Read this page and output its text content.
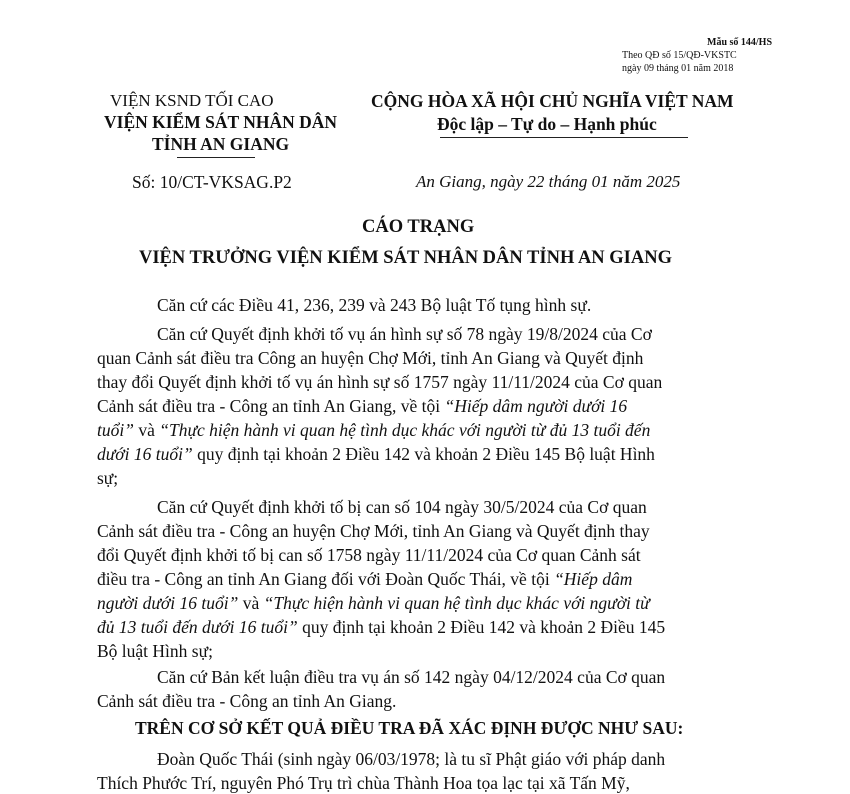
Mẫu số 144/HS
Theo QĐ số 15/QĐ-VKSTC
ngày 09 tháng 01 năm 2018
VIỆN KSND TỐI CAO
VIỆN KIỂM SÁT NHÂN DÂN
TỈNH AN GIANG
CỘNG HÒA XÃ HỘI CHỦ NGHĨA VIỆT NAM
Độc lập – Tự do – Hạnh phúc
Số: 10/CT-VKSAG.P2	An Giang, ngày 22 tháng 01 năm 2025
CÁO TRẠNG
VIỆN TRƯỞNG VIỆN KIỂM SÁT NHÂN DÂN TỈNH AN GIANG
Căn cứ các Điều 41, 236, 239 và 243 Bộ luật Tố tụng hình sự.
Căn cứ Quyết định khởi tố vụ án hình sự số 78 ngày 19/8/2024 của Cơ
quan Cảnh sát điều tra Công an huyện Chợ Mới, tỉnh An Giang và Quyết định
thay đổi Quyết định khởi tố vụ án hình sự số 1757 ngày 11/11/2024 của Cơ quan
Cảnh sát điều tra - Công an tỉnh An Giang, về tội “Hiếp dâm người dưới 16
tuổi” và “Thực hiện hành vi quan hệ tình dục khác với người từ đủ 13 tuổi đến
dưới 16 tuổi” quy định tại khoản 2 Điều 142 và khoản 2 Điều 145 Bộ luật Hình
sự;
Căn cứ Quyết định khởi tố bị can số 104 ngày 30/5/2024 của Cơ quan
Cảnh sát điều tra - Công an huyện Chợ Mới, tỉnh An Giang và Quyết định thay
đổi Quyết định khởi tố bị can số 1758 ngày 11/11/2024 của Cơ quan Cảnh sát
điều tra - Công an tỉnh An Giang đối với Đoàn Quốc Thái, về tội “Hiếp dâm
người dưới 16 tuổi” và “Thực hiện hành vi quan hệ tình dục khác với người từ
đủ 13 tuổi đến dưới 16 tuổi” quy định tại khoản 2 Điều 142 và khoản 2 Điều 145
Bộ luật Hình sự;
Căn cứ Bản kết luận điều tra vụ án số 142 ngày 04/12/2024 của Cơ quan
Cảnh sát điều tra - Công an tỉnh An Giang.
TRÊN CƠ SỞ KẾT QUẢ ĐIỀU TRA ĐÃ XÁC ĐỊNH ĐƯỢC NHƯ SAU:
Đoàn Quốc Thái (sinh ngày 06/03/1978; là tu sĩ Phật giáo với pháp danh
Thích Phước Trí, nguyên Phó Trụ trì chùa Thành Hoa tọa lạc tại xã Tấn Mỹ,
